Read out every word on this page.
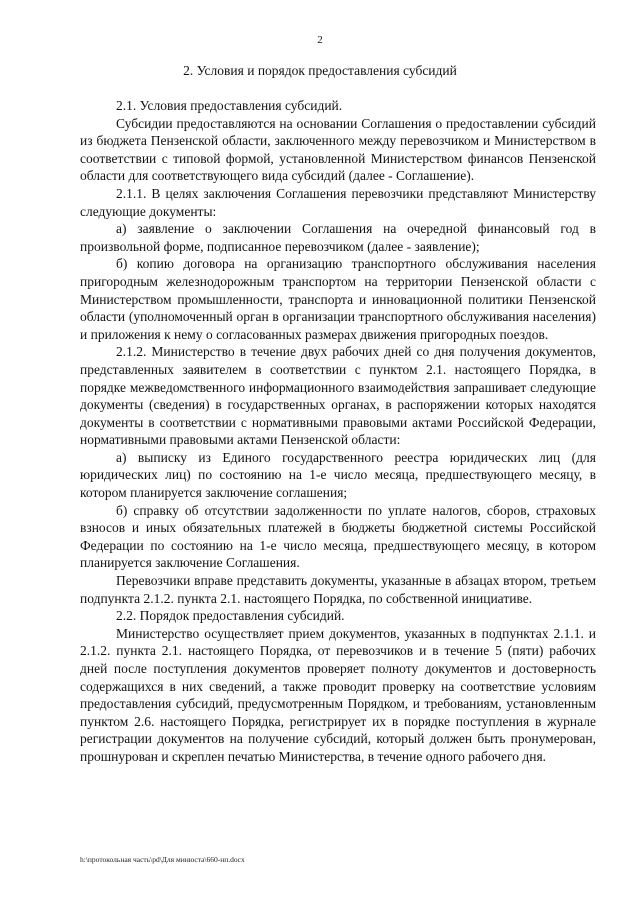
2
2. Условия и порядок предоставления субсидий

2.1. Условия предоставления субсидий.

Субсидии предоставляются на основании Соглашения о предоставлении субсидий из бюджета Пензенской области, заключенного между перевозчиком и Министерством в соответствии с типовой формой, установленной Министерством финансов Пензенской области для соответствующего вида субсидий (далее - Соглашение).

2.1.1. В целях заключения Соглашения перевозчики представляют Министерству следующие документы:

а) заявление о заключении Соглашения на очередной финансовый год в произвольной форме, подписанное перевозчиком (далее - заявление);

б) копию договора на организацию транспортного обслуживания населения пригородным железнодорожным транспортом на территории Пензенской области с Министерством промышленности, транспорта и инновационной политики Пензенской области (уполномоченный орган в организации транспортного обслуживания населения) и приложения к нему о согласованных размерах движения пригородных поездов.

2.1.2. Министерство в течение двух рабочих дней со дня получения документов, представленных заявителем в соответствии с пунктом 2.1. настоящего Порядка, в порядке межведомственного информационного взаимодействия запрашивает следующие документы (сведения) в государственных органах, в распоряжении которых находятся документы в соответствии с нормативными правовыми актами Российской Федерации, нормативными правовыми актами Пензенской области:

а) выписку из Единого государственного реестра юридических лиц (для юридических лиц) по состоянию на 1-е число месяца, предшествующего месяцу, в котором планируется заключение соглашения;

б) справку об отсутствии задолженности по уплате налогов, сборов, страховых взносов и иных обязательных платежей в бюджеты бюджетной системы Российской Федерации по состоянию на 1-е число месяца, предшествующего месяцу, в котором планируется заключение Соглашения.

Перевозчики вправе представить документы, указанные в абзацах втором, третьем подпункта 2.1.2. пункта 2.1. настоящего Порядка, по собственной инициативе.

2.2. Порядок предоставления субсидий.

Министерство осуществляет прием документов, указанных в подпунктах 2.1.1. и 2.1.2. пункта 2.1. настоящего Порядка, от перевозчиков и в течение 5 (пяти) рабочих дней после поступления документов проверяет полноту документов и достоверность содержащихся в них сведений, а также проводит проверку на соответствие условиям предоставления субсидий, предусмотренным Порядком, и требованиям, установленным пунктом 2.6. настоящего Порядка, регистрирует их в порядке поступления в журнале регистрации документов на получение субсидий, который должен быть пронумерован, прошнурован и скреплен печатью Министерства, в течение одного рабочего дня.

h:\протокольная часть\pd\Для минюста\660-нп.docx
